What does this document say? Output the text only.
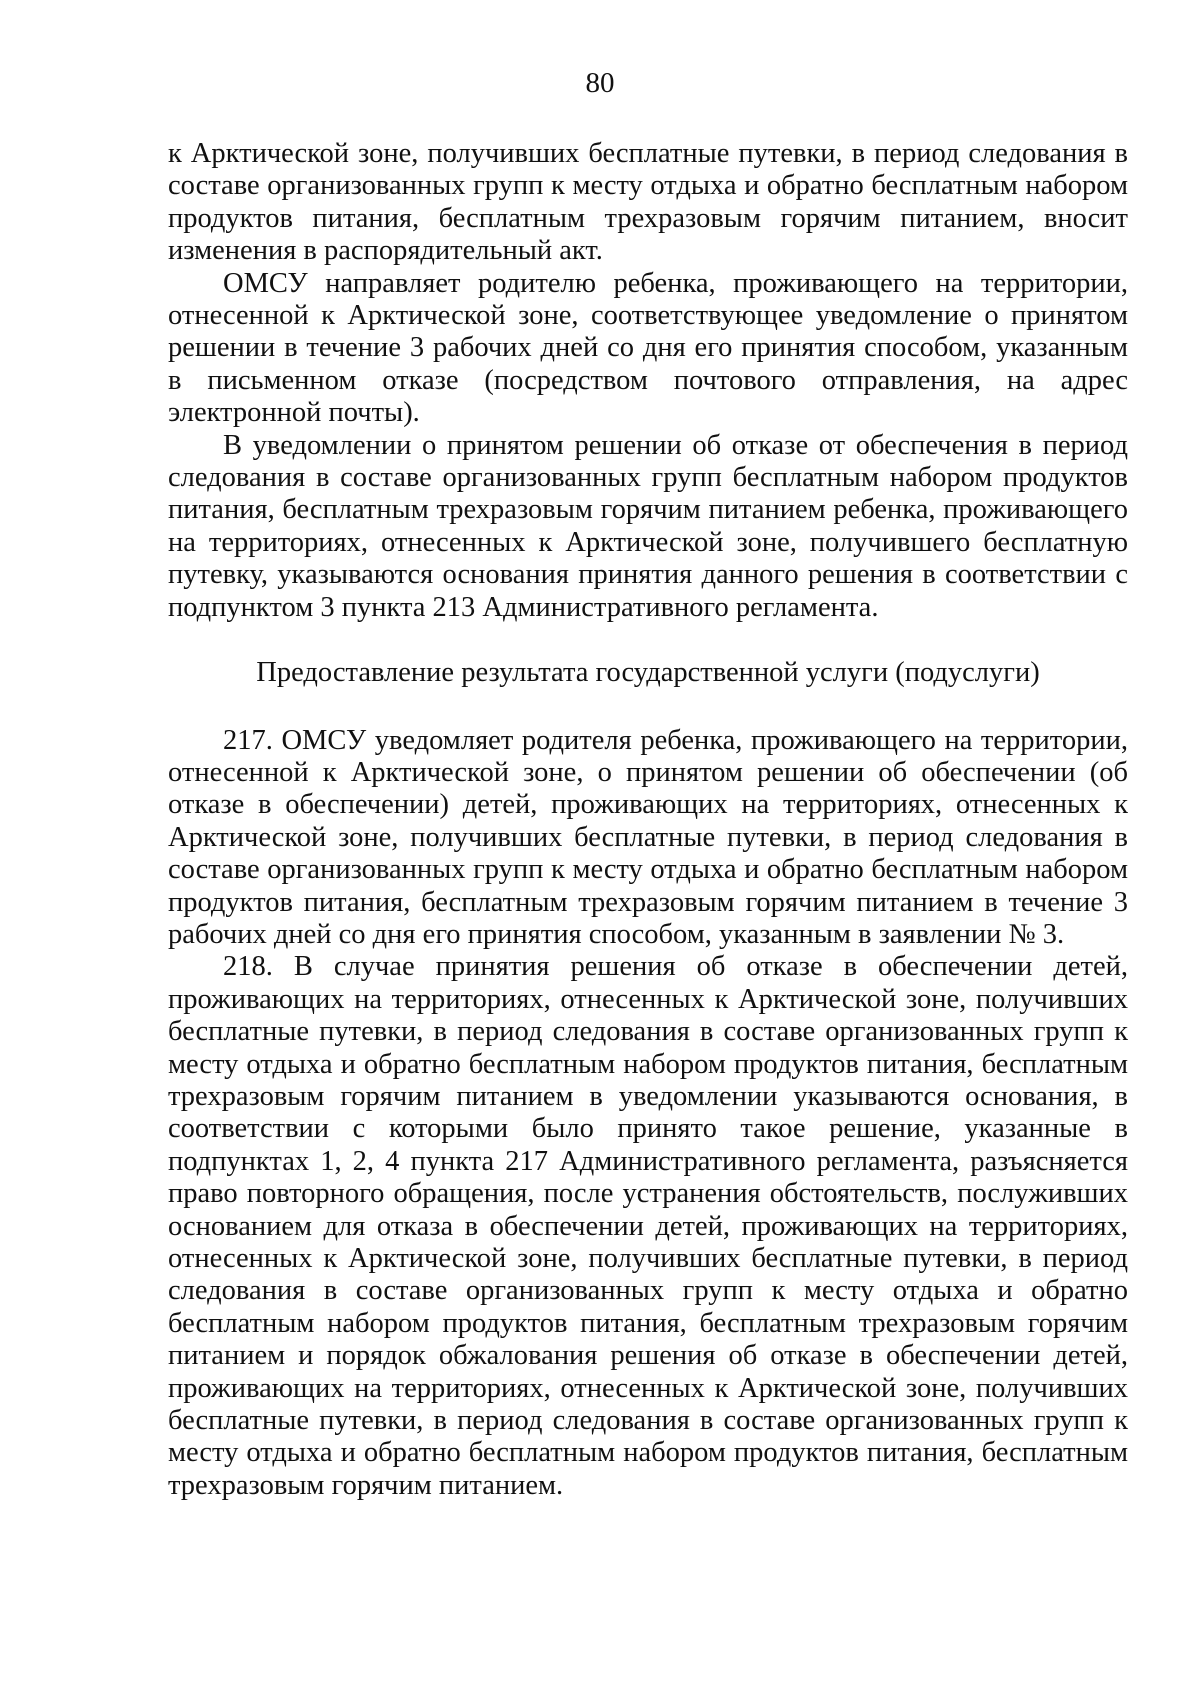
80

к Арктической зоне, получивших бесплатные путевки, в период следования в составе организованных групп к месту отдыха и обратно бесплатным набором продуктов питания, бесплатным трехразовым горячим питанием, вносит изменения в распорядительный акт.

ОМСУ направляет родителю ребенка, проживающего на территории, отнесенной к Арктической зоне, соответствующее уведомление о принятом решении в течение 3 рабочих дней со дня его принятия способом, указанным в письменном отказе (посредством почтового отправления, на адрес электронной почты).

В уведомлении о принятом решении об отказе от обеспечения в период следования в составе организованных групп бесплатным набором продуктов питания, бесплатным трехразовым горячим питанием ребенка, проживающего на территориях, отнесенных к Арктической зоне, получившего бесплатную путевку, указываются основания принятия данного решения в соответствии с подпунктом 3 пункта 213 Административного регламента.

Предоставление результата государственной услуги (подуслуги)

217. ОМСУ уведомляет родителя ребенка, проживающего на территории, отнесенной к Арктической зоне, о принятом решении об обеспечении (об отказе в обеспечении) детей, проживающих на территориях, отнесенных к Арктической зоне, получивших бесплатные путевки, в период следования в составе организованных групп к месту отдыха и обратно бесплатным набором продуктов питания, бесплатным трехразовым горячим питанием в течение 3 рабочих дней со дня его принятия способом, указанным в заявлении № 3.

218. В случае принятия решения об отказе в обеспечении детей, проживающих на территориях, отнесенных к Арктической зоне, получивших бесплатные путевки, в период следования в составе организованных групп к месту отдыха и обратно бесплатным набором продуктов питания, бесплатным трехразовым горячим питанием в уведомлении указываются основания, в соответствии с которыми было принято такое решение, указанные в подпунктах 1, 2, 4 пункта 217 Административного регламента, разъясняется право повторного обращения, после устранения обстоятельств, послуживших основанием для отказа в обеспечении детей, проживающих на территориях, отнесенных к Арктической зоне, получивших бесплатные путевки, в период следования в составе организованных групп к месту отдыха и обратно бесплатным набором продуктов питания, бесплатным трехразовым горячим питанием и порядок обжалования решения об отказе в обеспечении детей, проживающих на территориях, отнесенных к Арктической зоне, получивших бесплатные путевки, в период следования в составе организованных групп к месту отдыха и обратно бесплатным набором продуктов питания, бесплатным трехразовым горячим питанием.
